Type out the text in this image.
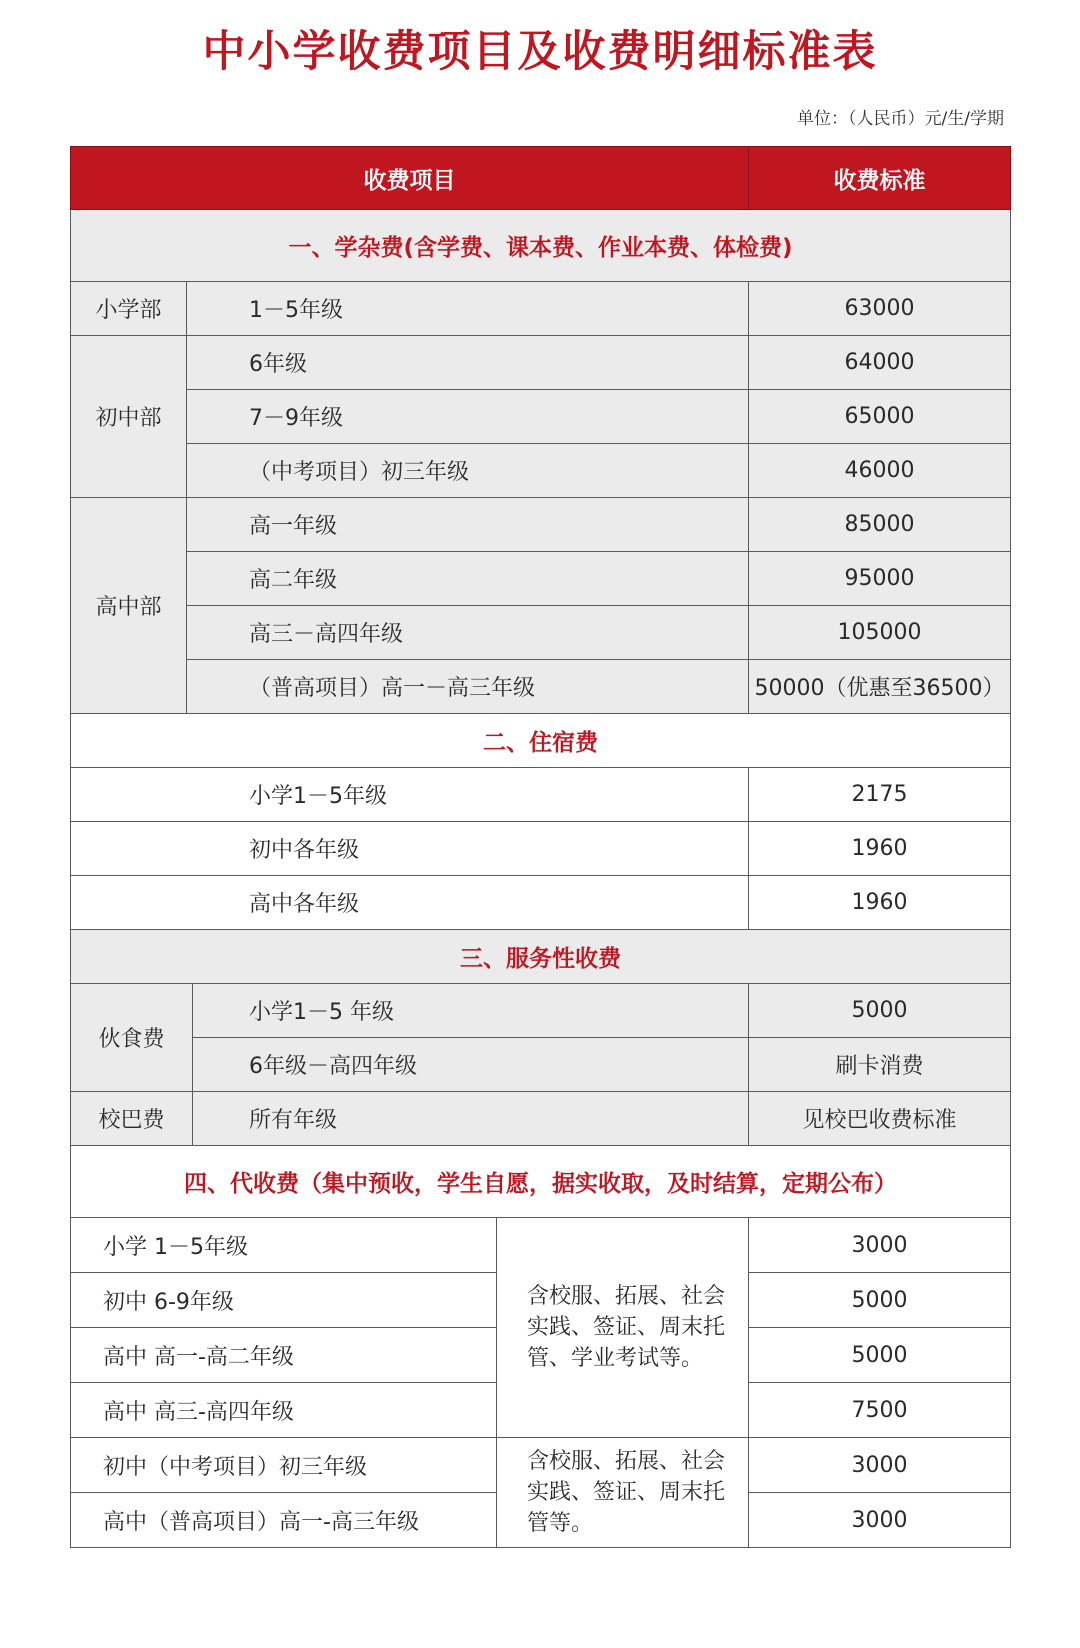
中小学收费项目及收费明细标准表
单位：（人民币）元/生/学期
收费项目				收费标准
一、学杂费(含学费、课本费、作业本费、体检费)				
小学部	1－5年级			63000
初中部	6年级			64000
	7－9年级			65000
	（中考项目）初三年级			46000
高中部	高一年级			85000
	高二年级			95000
	高三－高四年级			105000
	（普高项目）高一－高三年级			50000（优惠至36500）
二、住宿费				
小学1－5年级				2175
初中各年级				1960
高中各年级				1960
三、服务性收费				
伙食费		小学1－5 年级		5000
		6年级－高四年级		刷卡消费
校巴费		所有年级		见校巴收费标准
四、代收费（集中预收，学生自愿，据实收取，及时结算，定期公布）				
小学 1－5年级			含校服、拓展、社会实践、签证、周末托管、学业考试等。	3000
初中 6-9年级				5000
高中 高一-高二年级				5000
高中 高三-高四年级				7500
初中（中考项目）初三年级			含校服、拓展、社会实践、签证、周末托管等。	3000
高中（普高项目）高一-高三年级				3000
